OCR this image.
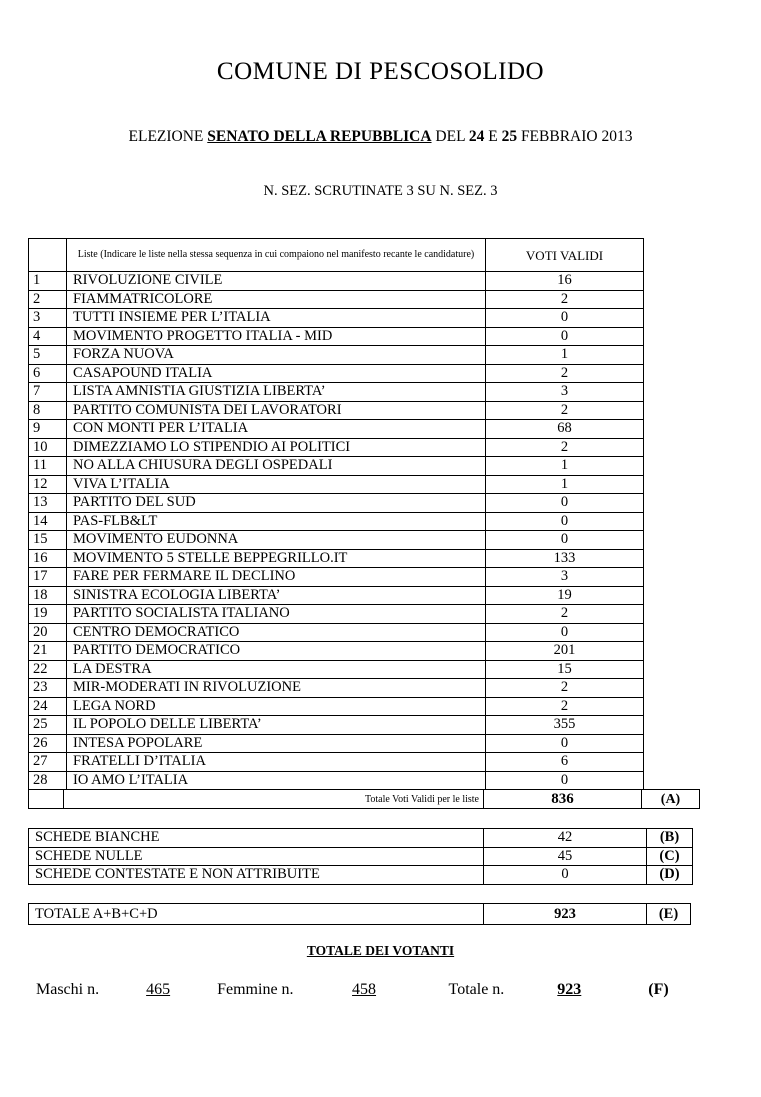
COMUNE DI PESCOSOLIDO
ELEZIONE SENATO DELLA REPUBBLICA DEL 24 E 25 FEBBRAIO 2013
N. SEZ. SCRUTINATE 3 SU N. SEZ. 3
	Liste (Indicare le liste nella stessa sequenza in cui compaiono nel manifesto recante le candidature)	VOTI VALIDI
1	RIVOLUZIONE CIVILE	16
2	FIAMMATRICOLORE	2
3	TUTTI INSIEME PER L’ITALIA	0
4	MOVIMENTO PROGETTO ITALIA - MID	0
5	FORZA NUOVA	1
6	CASAPOUND ITALIA	2
7	LISTA AMNISTIA GIUSTIZIA LIBERTA’	3
8	PARTITO COMUNISTA DEI LAVORATORI	2
9	CON MONTI PER L’ITALIA	68
10	DIMEZZIAMO LO STIPENDIO AI POLITICI	2
11	NO ALLA CHIUSURA DEGLI OSPEDALI	1
12	VIVA L’ITALIA	1
13	PARTITO DEL SUD	0
14	PAS-FLB&LT	0
15	MOVIMENTO EUDONNA	0
16	MOVIMENTO 5 STELLE BEPPEGRILLO.IT	133
17	FARE PER FERMARE IL DECLINO	3
18	SINISTRA ECOLOGIA LIBERTA’	19
19	PARTITO SOCIALISTA ITALIANO	2
20	CENTRO DEMOCRATICO	0
21	PARTITO DEMOCRATICO	201
22	LA DESTRA	15
23	MIR-MODERATI IN RIVOLUZIONE	2
24	LEGA NORD	2
25	IL POPOLO DELLE LIBERTA’	355
26	INTESA POPOLARE	0
27	FRATELLI D’ITALIA	6
28	IO AMO L’ITALIA	0
	Totale Voti Validi per le liste	836	(A)
SCHEDE BIANCHE	42	(B)
SCHEDE NULLE	45	(C)
SCHEDE CONTESTATE E NON ATTRIBUITE	0	(D)
TOTALE A+B+C+D	923	(E)
TOTALE DEI VOTANTI
Maschi n.	465	Femmine n.	458	Totale n.	923	(F)
